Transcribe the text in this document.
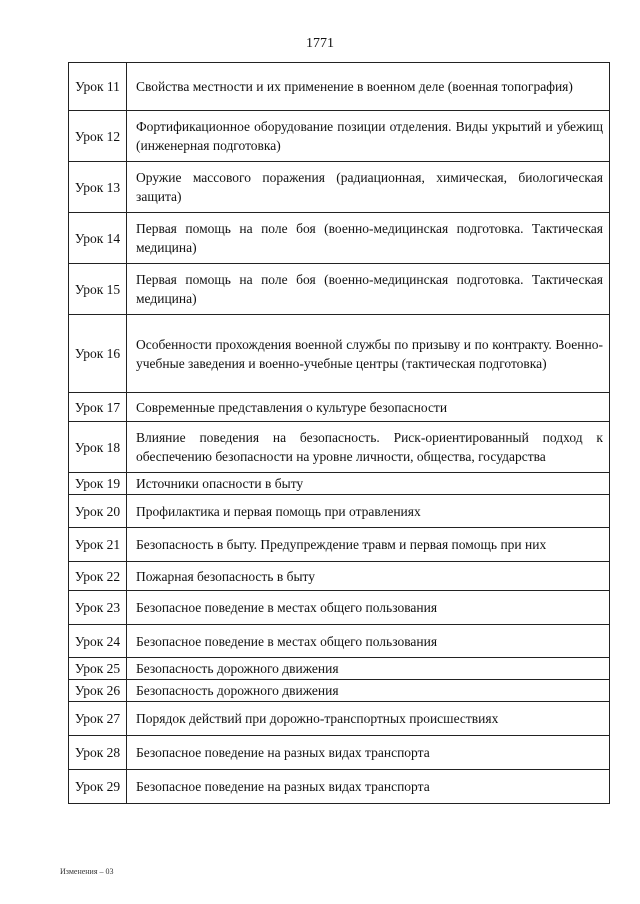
1771
Урок 11	Свойства местности и их применение в военном деле (военная топография)
Урок 12	Фортификационное оборудование позиции отделения. Виды укрытий и убежищ (инженерная подготовка)
Урок 13	Оружие массового поражения (радиационная, химическая, биологическая защита)
Урок 14	Первая помощь на поле боя (военно-медицинская подготовка. Тактическая медицина)
Урок 15	Первая помощь на поле боя (военно-медицинская подготовка. Тактическая медицина)
Урок 16	Особенности прохождения военной службы по призыву и по контракту. Военно-учебные заведения и военно-учебные центры (тактическая подготовка)
Урок 17	Современные представления о культуре безопасности
Урок 18	Влияние поведения на безопасность. Риск-ориентированный подход к обеспечению безопасности на уровне личности, общества, государства
Урок 19	Источники опасности в быту
Урок 20	Профилактика и первая помощь при отравлениях
Урок 21	Безопасность в быту. Предупреждение травм и первая помощь при них
Урок 22	Пожарная безопасность в быту
Урок 23	Безопасное поведение в местах общего пользования
Урок 24	Безопасное поведение в местах общего пользования
Урок 25	Безопасность дорожного движения
Урок 26	Безопасность дорожного движения
Урок 27	Порядок действий при дорожно-транспортных происшествиях
Урок 28	Безопасное поведение на разных видах транспорта
Урок 29	Безопасное поведение на разных видах транспорта
Изменения – 03
